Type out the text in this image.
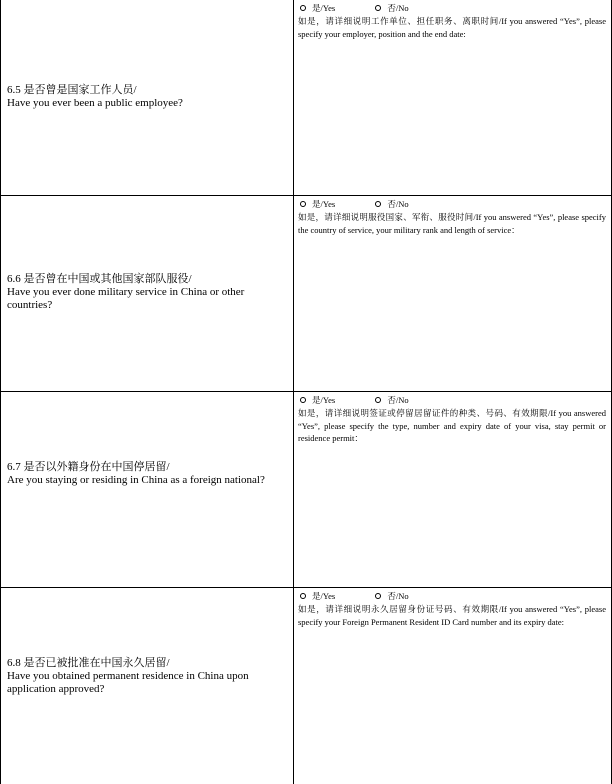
6.5 是否曾是国家工作人员/
Have you ever been a public employee?
是/Yes	否/No
如是，请详细说明工作单位、担任职务、离职时间/If you answered “Yes”, please specify your employer, position and the end date:
6.6 是否曾在中国或其他国家部队服役/
Have you ever done military service in China or other countries?
是/Yes	否/No
如是，请详细说明服役国家、军衔、服役时间/If you answered “Yes”, please specify the country of service, your military rank and length of service：
6.7 是否以外籍身份在中国停居留/
Are you staying or residing in China as a foreign national?
是/Yes	否/No
如是，请详细说明签证或停留居留证件的种类、号码、有效期限/If you answered “Yes”, please specify the type, number and expiry date of your visa, stay permit or residence permit：
6.8 是否已被批准在中国永久居留/
Have you obtained permanent residence in China upon application approved?
是/Yes	否/No
如是，请详细说明永久居留身份证号码、有效期限/If you answered “Yes”, please specify your Foreign Permanent Resident ID Card number and its expiry date:
